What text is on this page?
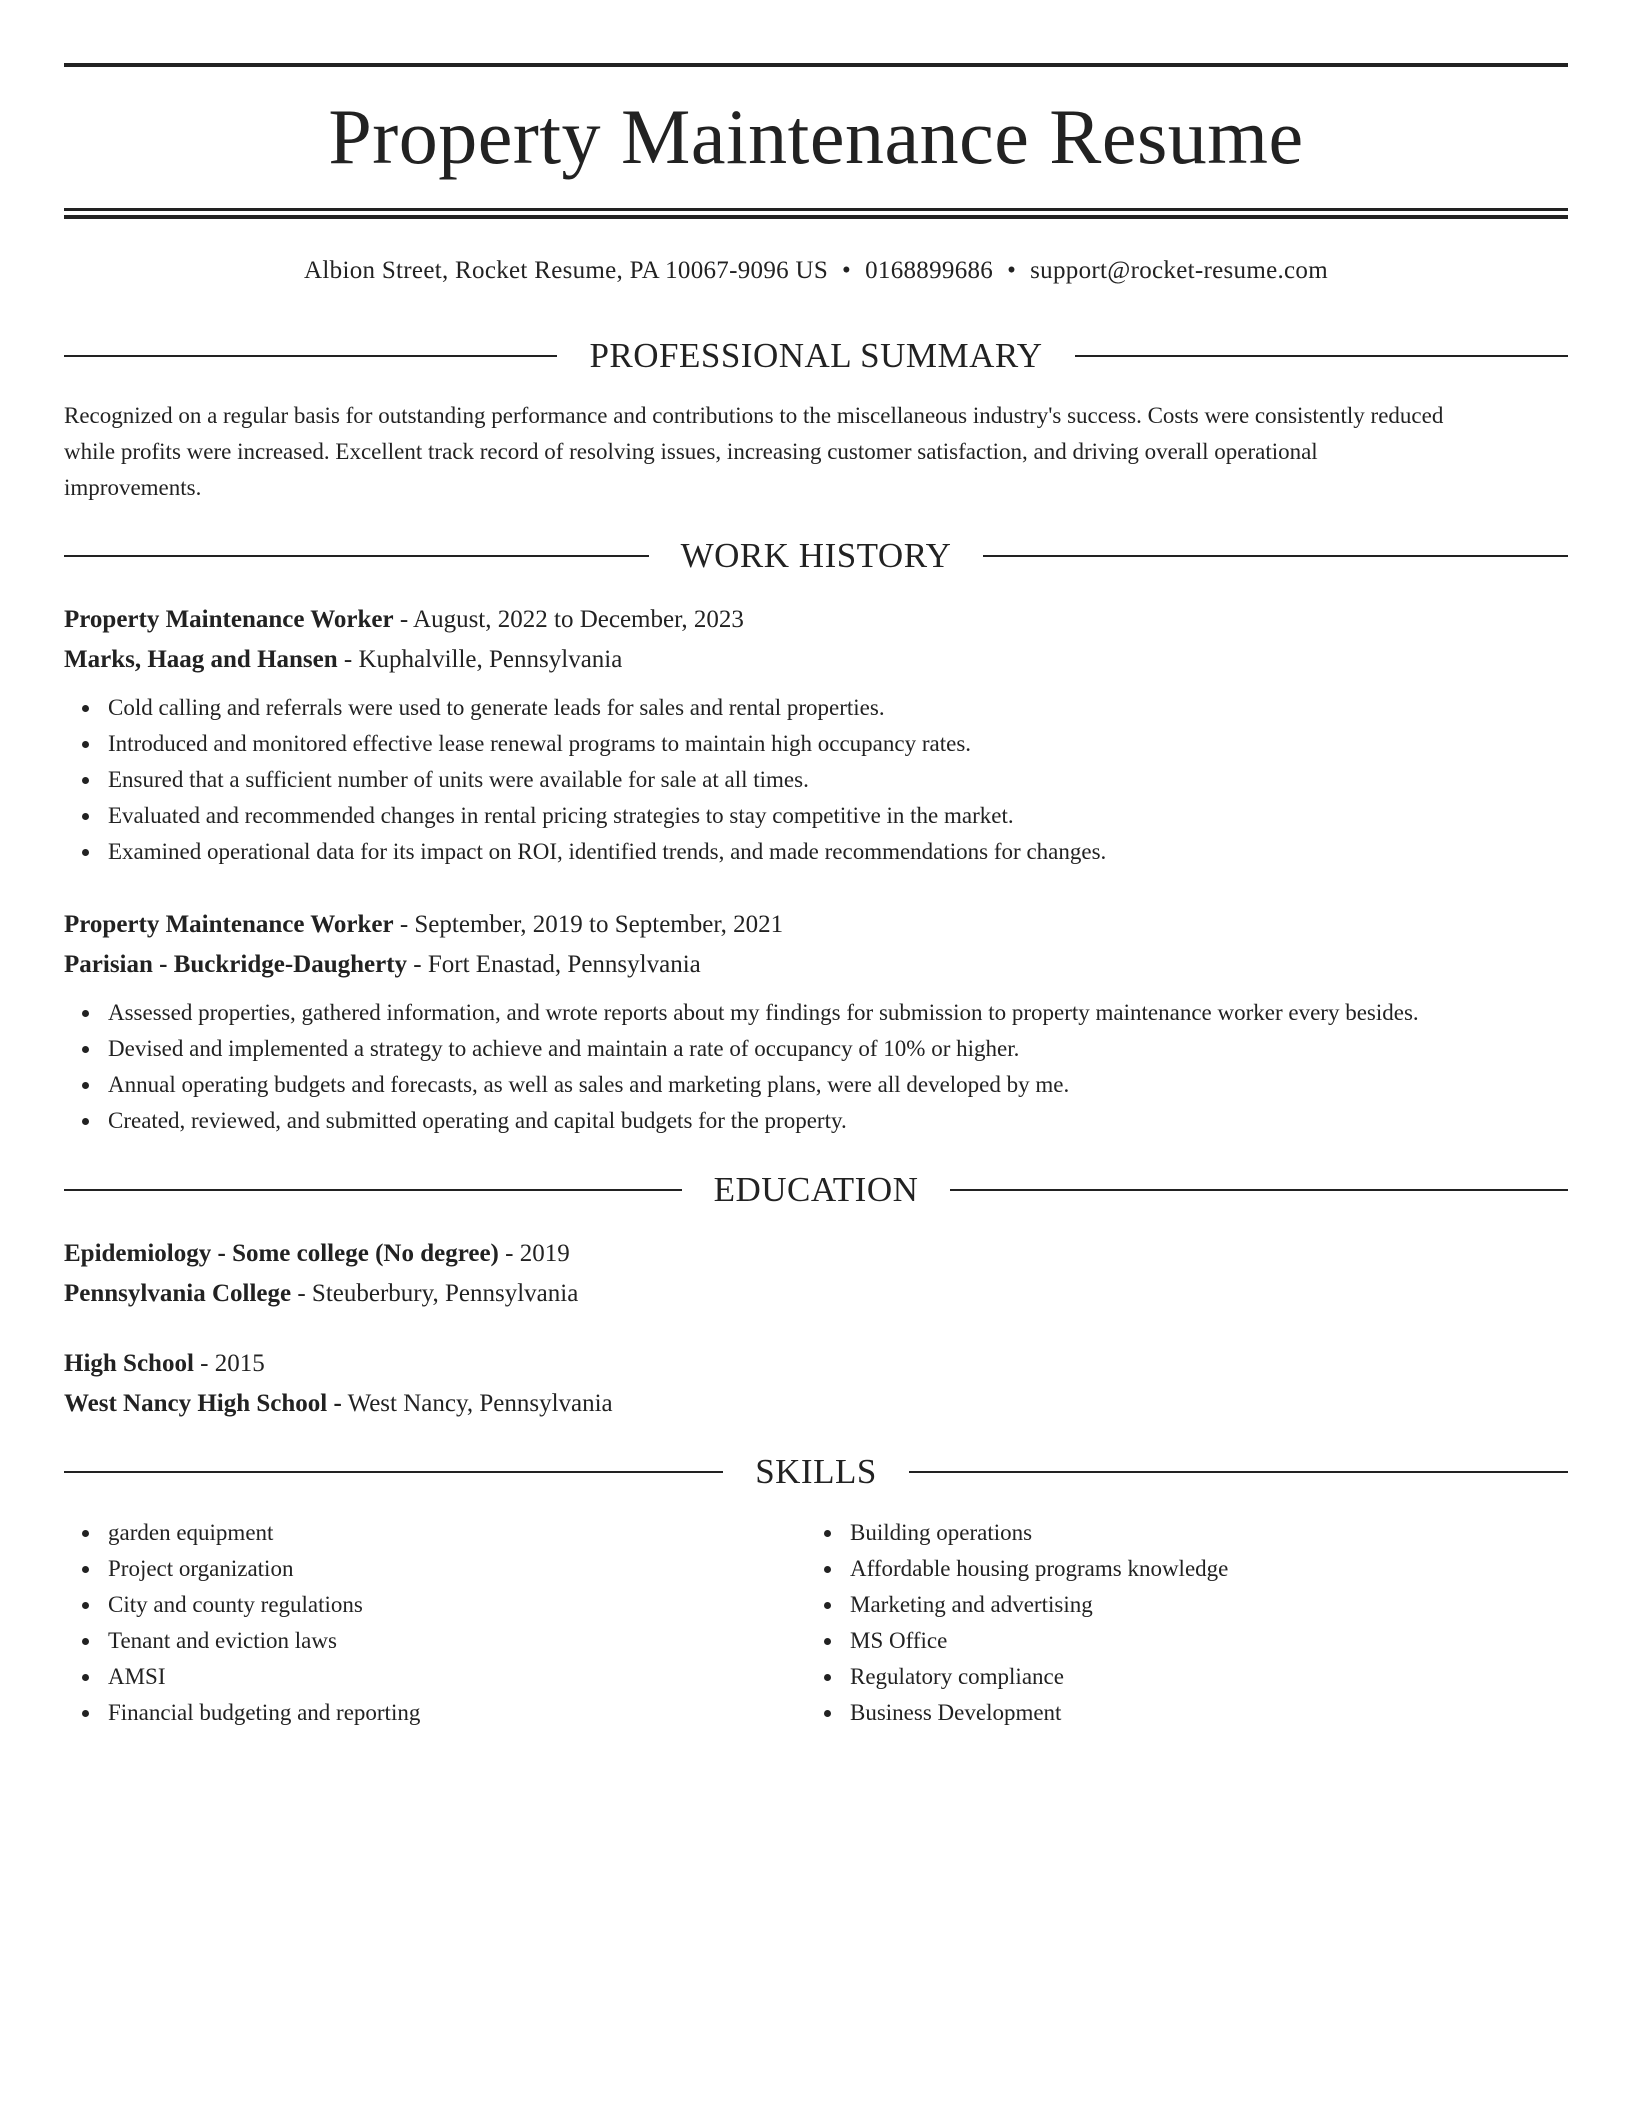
Property Maintenance Resume
Albion Street, Rocket Resume, PA 10067-9096 US • 0168899686 • support@rocket-resume.com
PROFESSIONAL SUMMARY
Recognized on a regular basis for outstanding performance and contributions to the miscellaneous industry's success. Costs were consistently reduced
while profits were increased. Excellent track record of resolving issues, increasing customer satisfaction, and driving overall operational
improvements.
WORK HISTORY
Property Maintenance Worker - August, 2022 to December, 2023
Marks, Haag and Hansen - Kuphalville, Pennsylvania
Cold calling and referrals were used to generate leads for sales and rental properties.
Introduced and monitored effective lease renewal programs to maintain high occupancy rates.
Ensured that a sufficient number of units were available for sale at all times.
Evaluated and recommended changes in rental pricing strategies to stay competitive in the market.
Examined operational data for its impact on ROI, identified trends, and made recommendations for changes.
Property Maintenance Worker - September, 2019 to September, 2021
Parisian - Buckridge-Daugherty - Fort Enastad, Pennsylvania
Assessed properties, gathered information, and wrote reports about my findings for submission to property maintenance worker every besides.
Devised and implemented a strategy to achieve and maintain a rate of occupancy of 10% or higher.
Annual operating budgets and forecasts, as well as sales and marketing plans, were all developed by me.
Created, reviewed, and submitted operating and capital budgets for the property.
EDUCATION
Epidemiology - Some college (No degree) - 2019
Pennsylvania College - Steuberbury, Pennsylvania
High School - 2015
West Nancy High School - West Nancy, Pennsylvania
SKILLS
garden equipment
Project organization
City and county regulations
Tenant and eviction laws
AMSI
Financial budgeting and reporting
Building operations
Affordable housing programs knowledge
Marketing and advertising
MS Office
Regulatory compliance
Business Development
